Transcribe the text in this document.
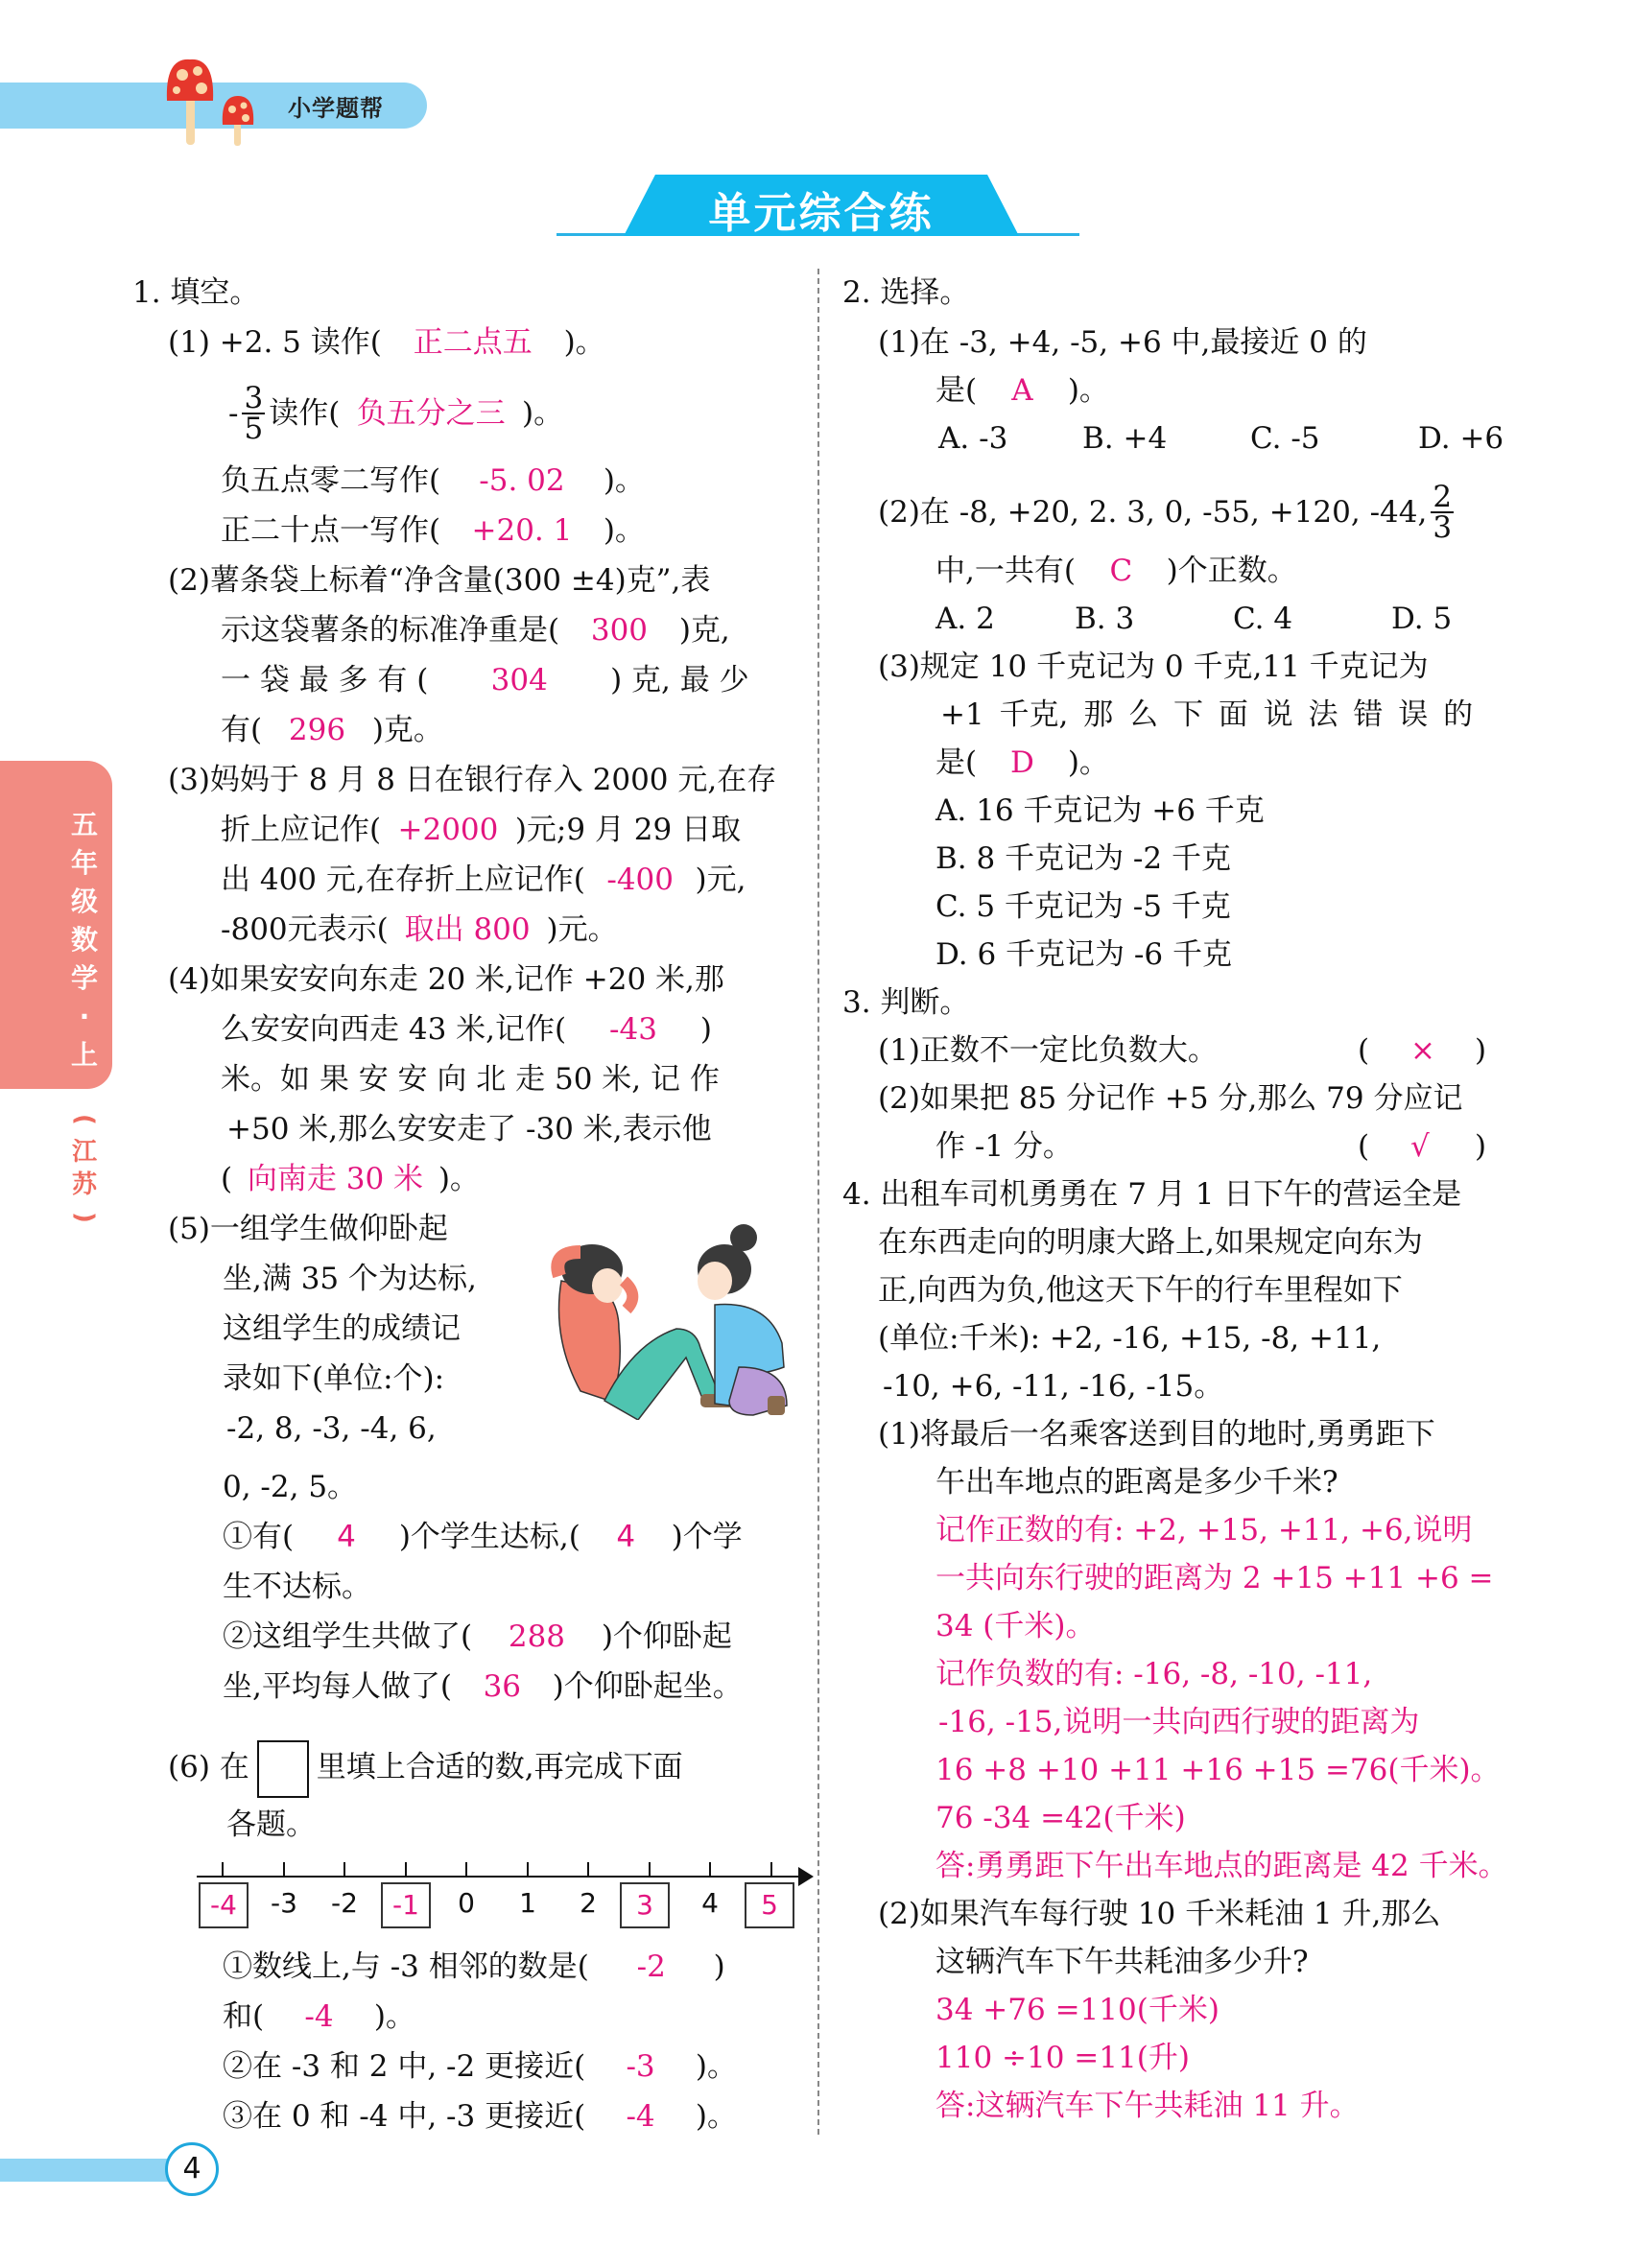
小学题帮
单元综合练
五
年
级
数
学
·
上
(
江
苏
)
1. 填空。
(1) +2. 5 读作( 正二点五 )。
- $\frac{3}{5}$ 读作( 负五分之三 )。
负五点零二写作( -5. 02 )。
正二十点一写作( +20. 1 )。
(2)薯条袋上标着“净含量(300 ±4)克”,表
示这袋薯条的标准净重是( 300 )克,
一 袋 最 多 有 ( 304 ) 克, 最 少
有( 296 )克。
(3)妈妈于 8 月 8 日在银行存入 2000 元,在存
折上应记作( +2000 )元;9 月 29 日取
出 400 元,在存折上应记作( -400 )元,
-800元表示( 取出 800 )元。
(4)如果安安向东走 20 米,记作 +20 米,那
么安安向西走 43 米,记作( -43 )
米。如 果 安 安 向 北 走 50 米, 记 作
+50 米,那么安安走了 -30 米,表示他
( 向南走 30 米 )。
(5)一组学生做仰卧起
坐,满 35 个为达标,
这组学生的成绩记
录如下(单位:个):
-2, 8, -3, -4, 6,
0, -2, 5。
①有( 4 )个学生达标,( 4 )个学
生不达标。
②这组学生共做了( 288 )个仰卧起
坐,平均每人做了( 36 )个仰卧起坐。
(6) 在 里填上合适的数,再完成下面
各题。
-4	-3	-2	-1	0	1	2	3	4	5
①数线上,与 -3 相邻的数是( -2 )
和( -4 )。
②在 -3 和 2 中, -2 更接近( -3 )。
③在 0 和 -4 中, -3 更接近( -4 )。
2. 选择。
(1)在 -3, +4, -5, +6 中,最接近 0 的
是( A )。
A. -3	B. +4	C. -5	D. +6
(2)在 -8, +20, 2. 3, 0, -55, +120, -44, $\frac{2}{3}$
中,一共有( C )个正数。
A. 2	B. 3	C. 4	D. 5
(3)规定 10 千克记为 0 千克,11 千克记为
+1 千克, 那 么 下 面 说 法 错 误 的
是( D )。
A. 16 千克记为 +6 千克
B. 8 千克记为 -2 千克
C. 5 千克记为 -5 千克
D. 6 千克记为 -6 千克
3. 判断。
(1)正数不一定比负数大。	( × )
(2)如果把 85 分记作 +5 分,那么 79 分应记
作 -1 分。	( √ )
4. 出租车司机勇勇在 7 月 1 日下午的营运全是
在东西走向的明康大路上,如果规定向东为
正,向西为负,他这天下午的行车里程如下
(单位:千米): +2, -16, +15, -8, +11,
-10, +6, -11, -16, -15。
(1)将最后一名乘客送到目的地时,勇勇距下
午出车地点的距离是多少千米?
记作正数的有: +2, +15, +11, +6,说明
一共向东行驶的距离为 2 +15 +11 +6 =
34 (千米)。
记作负数的有: -16, -8, -10, -11,
-16, -15,说明一共向西行驶的距离为
16 +8 +10 +11 +16 +15 =76(千米)。
76 -34 =42(千米)
答:勇勇距下午出车地点的距离是 42 千米。
(2)如果汽车每行驶 10 千米耗油 1 升,那么
这辆汽车下午共耗油多少升?
34 +76 =110(千米)
110 ÷10 =11(升)
答:这辆汽车下午共耗油 11 升。
4
